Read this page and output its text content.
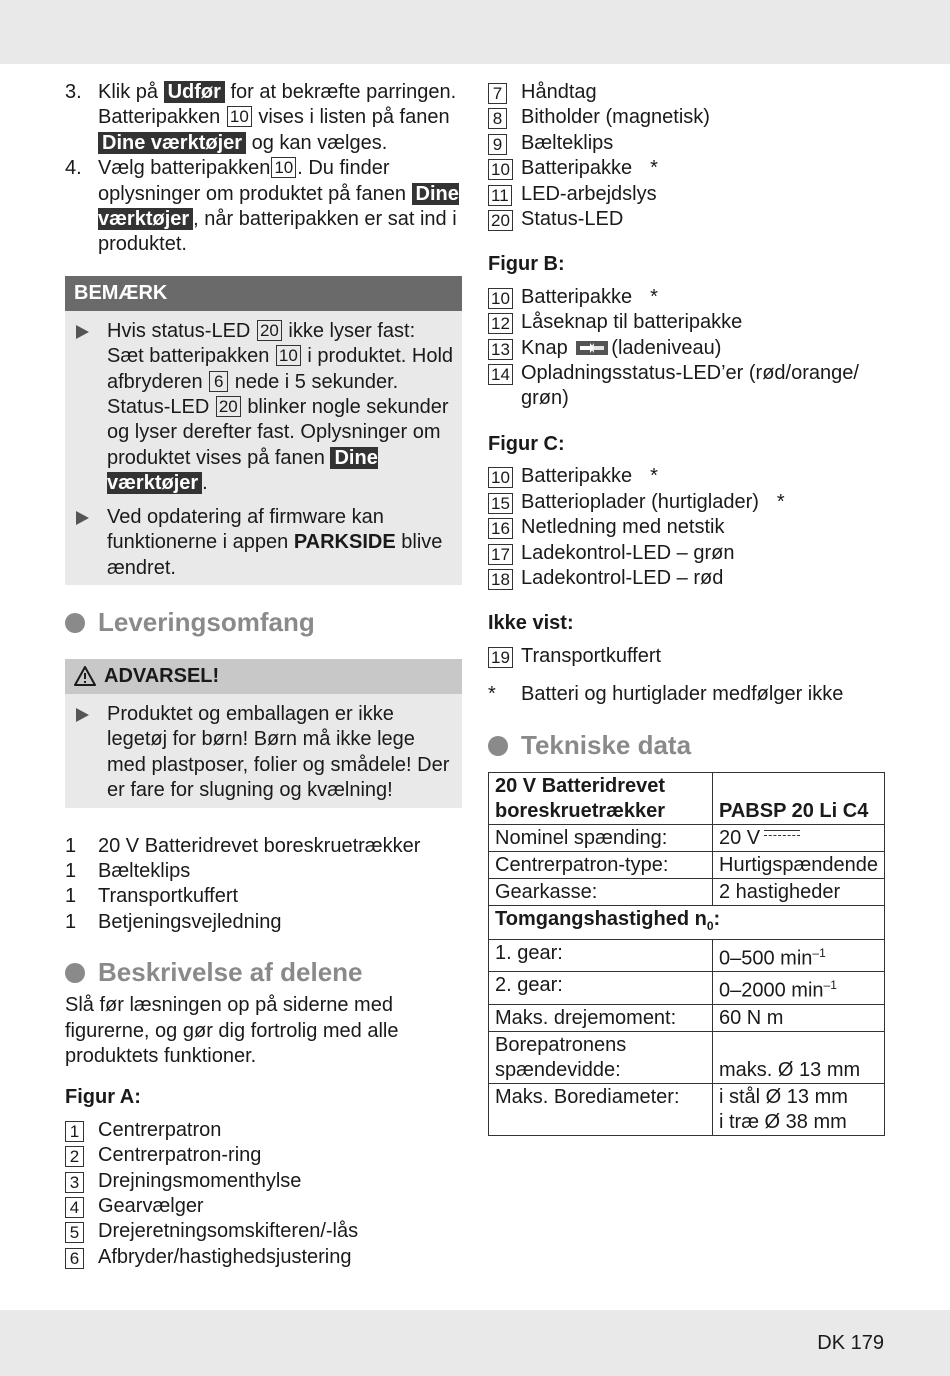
3. Klik på Udfør for at bekræfte parringen. Batteripakken 10 vises i listen på fanen Dine værktøjer og kan vælges.
4. Vælg batteripakken 10 . Du finder oplysninger om produktet på fanen Dine værktøjer , når batteripakken er sat ind i produktet.
BEMÆRK
Hvis status-LED 20 ikke lyser fast: Sæt batteripakken 10 i produktet. Hold afbryderen 6 nede i 5 sekunder. Status-LED 20 blinker nogle sekunder og lyser derefter fast. Oplysninger om produktet vises på fanen Dine værktøjer .
Ved opdatering af firmware kan funktionerne i appen PARKSIDE blive ændret.
Leveringsomfang
ADVARSEL!
Produktet og emballagen er ikke legetøj for børn! Børn må ikke lege med plastposer, folier og smådele! Der er fare for slugning og kvælning!
1 20 V Batteridrevet boreskruetrækker
1 Bælteklips
1 Transportkuffert
1 Betjeningsvejledning
Beskrivelse af delene
Slå før læsningen op på siderne med figurerne, og gør dig fortrolig med alle produktets funktioner.
Figur A:
1 Centrerpatron
2 Centrerpatron-ring
3 Drejningsmomenthylse
4 Gearvælger
5 Drejeretningsomskifteren/-lås
6 Afbryder/hastighedsjustering
7 Håndtag
8 Bitholder (magnetisk)
9 Bælteklips
10 Batteripakke *
11 LED-arbejdslys
20 Status-LED
Figur B:
10 Batteripakke *
12 Låseknap til batteripakke
13 Knap (ladeniveau)
14 Opladningsstatus-LED’er (rød/orange/ grøn)
Figur C:
10 Batteripakke *
15 Batterioplader (hurtiglader) *
16 Netledning med netstik
17 Ladekontrol-LED – grøn
18 Ladekontrol-LED – rød
Ikke vist:
19 Transportkuffert
* Batteri og hurtiglader medfølger ikke
Tekniske data
20 V Batteridrevet boreskruetrækker	PABSP 20 Li C4
Nominel spænding:	20 V

Centrerpatron-type:	Hurtigspændende
Gearkasse:	2 hastigheder
Tomgangshastighed $n_0$:	
1. gear:	0–500 $\min^{-1}$
2. gear:	0–2000 $\min^{-1}$
Maks. drejemoment:	60 N m
Borepatronens spændevidde:	maks. Ø 13 mm
Maks. Borediameter:	i stål Ø 13 mm
i træ Ø 38 mm
DK 179
